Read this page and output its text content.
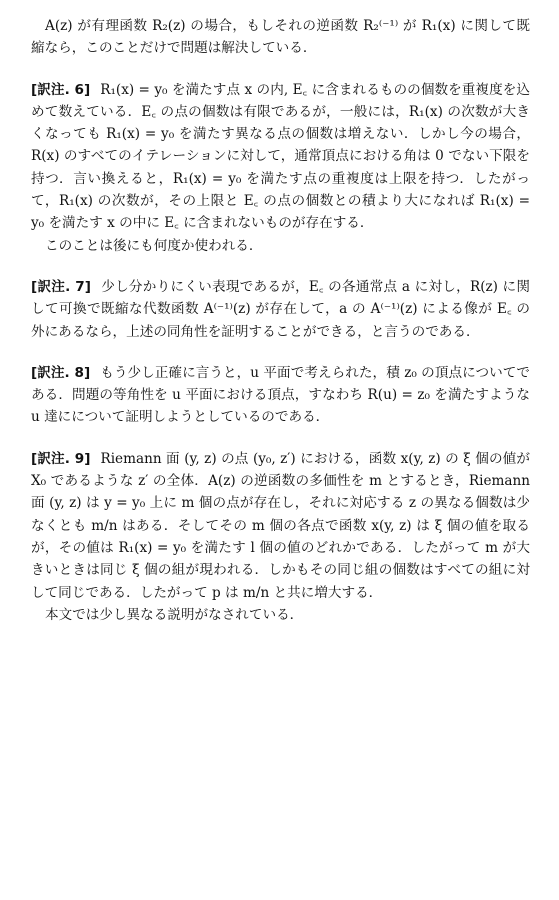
A(z) が有理函数 R₂(z) の場合，もしそれの逆函数 R₂⁽⁻¹⁾ が R₁(x) に関して既縮なら，このことだけで問題は解決している．

[訳注. 6] R₁(x) = y₀ を満たす点 x の内, E꜀ に含まれるものの個数を重複度を込めて数えている．E꜀ の点の個数は有限であるが，一般には，R₁(x) の次数が大きくなっても R₁(x) = y₀ を満たす異なる点の個数は増えない．しかし今の場合，R(x) のすべてのイテレーションに対して，通常頂点における角は 0 でない下限を持つ．言い換えると，R₁(x) = y₀ を満たす点の重複度は上限を持つ．したがって，R₁(x) の次数が，その上限と E꜀ の点の個数との積より大になれば R₁(x) = y₀ を満たす x の中に E꜀ に含まれないものが存在する．

このことは後にも何度か使われる．

[訳注. 7] 少し分かりにくい表現であるが，E꜀ の各通常点 a に対し，R(z) に関して可換で既縮な代数函数 A⁽⁻¹⁾(z) が存在して，a の A⁽⁻¹⁾(z) による像が E꜀ の外にあるなら，上述の同角性を証明することができる，と言うのである．

[訳注. 8] もう少し正確に言うと，u 平面で考えられた，積 z₀ の頂点についてである．問題の等角性を u 平面における頂点，すなわち R(u) = z₀ を満たすような u 達にについて証明しようとしているのである．

[訳注. 9] Riemann 面 (y, z) の点 (y₀, z′) における，函数 x(y, z) の ξ 個の値が X₀ であるような z′ の全体．A(z) の逆函数の多価性を m とするとき，Riemann 面 (y, z) は y = y₀ 上に m 個の点が存在し，それに対応する z の異なる個数は少なくとも m/n はある．そしてその m 個の各点で函数 x(y, z) は ξ 個の値を取るが，その値は R₁(x) = y₀ を満たす l 個の値のどれかである．したがって m が大きいときは同じ ξ 個の組が現われる．しかもその同じ組の個数はすべての組に対して同じである．したがって p は m/n と共に増大する．

本文では少し異なる説明がなされている．
